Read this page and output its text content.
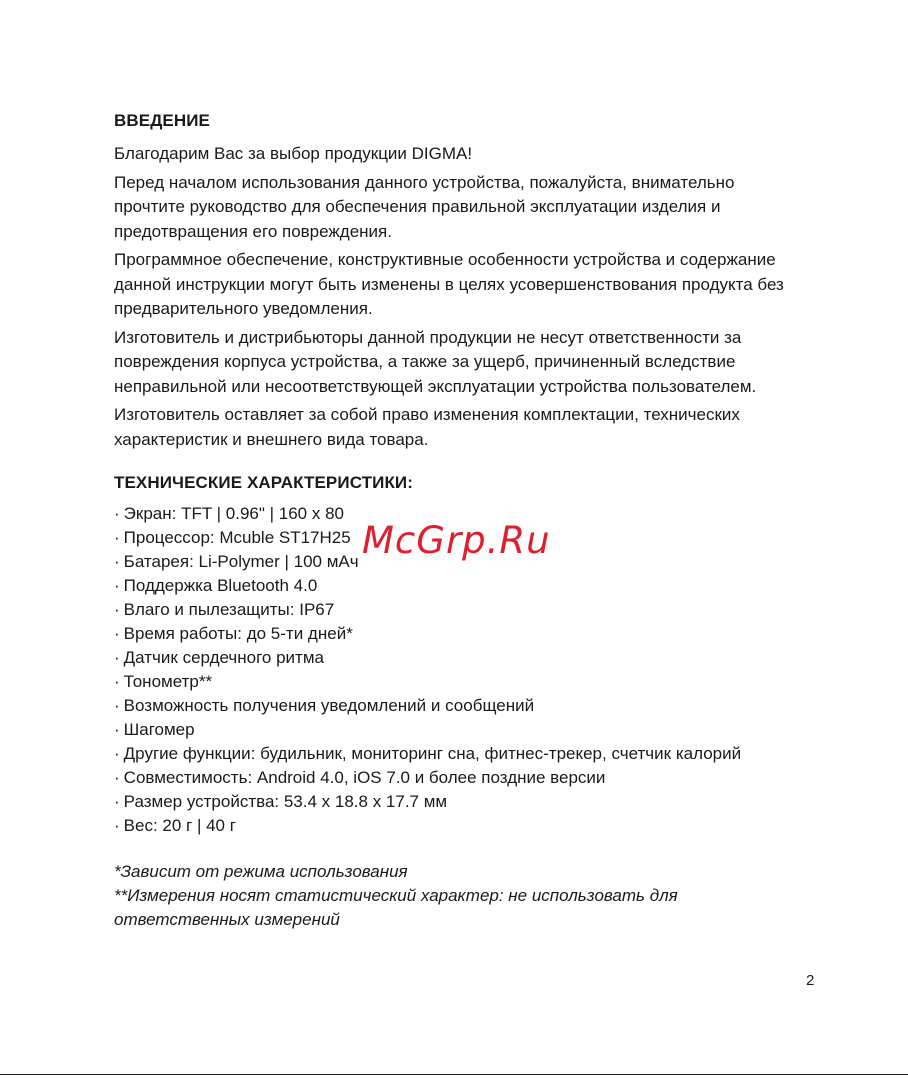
ВВЕДЕНИЕ

Благодарим Вас за выбор продукции DIGMA!

Перед началом использования данного устройства, пожалуйста, внимательно прочтите руководство для обеспечения правильной эксплуатации изделия и предотвращения его повреждения.

Программное обеспечение, конструктивные особенности устройства и содержание данной инструкции могут быть изменены в целях усовершенствования продукта без предварительного уведомления.

Изготовитель и дистрибьюторы данной продукции не несут ответственности за повреждения корпуса устройства, а также за ущерб, причиненный вследствие неправильной или несоответствующей эксплуатации устройства пользователем.

Изготовитель оставляет за собой право изменения комплектации, технических характеристик и внешнего вида товара.

ТЕХНИЧЕСКИЕ ХАРАКТЕРИСТИКИ:
· Экран: TFT | 0.96" | 160 x 80
· Процессор: Mcuble ST17H25
· Батарея: Li-Polymer | 100 мАч
· Поддержка Bluetooth 4.0
· Влаго и пылезащиты: IP67
· Время работы: до 5-ти дней*
· Датчик сердечного ритма
· Тонометр**
· Возможность получения уведомлений и сообщений
· Шагомер
· Другие функции: будильник, мониторинг сна, фитнес-трекер, счетчик калорий
· Совместимость: Android 4.0, iOS 7.0 и более поздние версии
· Размер устройства: 53.4 x 18.8 x 17.7 мм
· Вес: 20 г | 40 г

*Зависит от режима использования

**Измерения носят статистический характер: не использовать для ответственных измерений

McGrp.Ru
2
